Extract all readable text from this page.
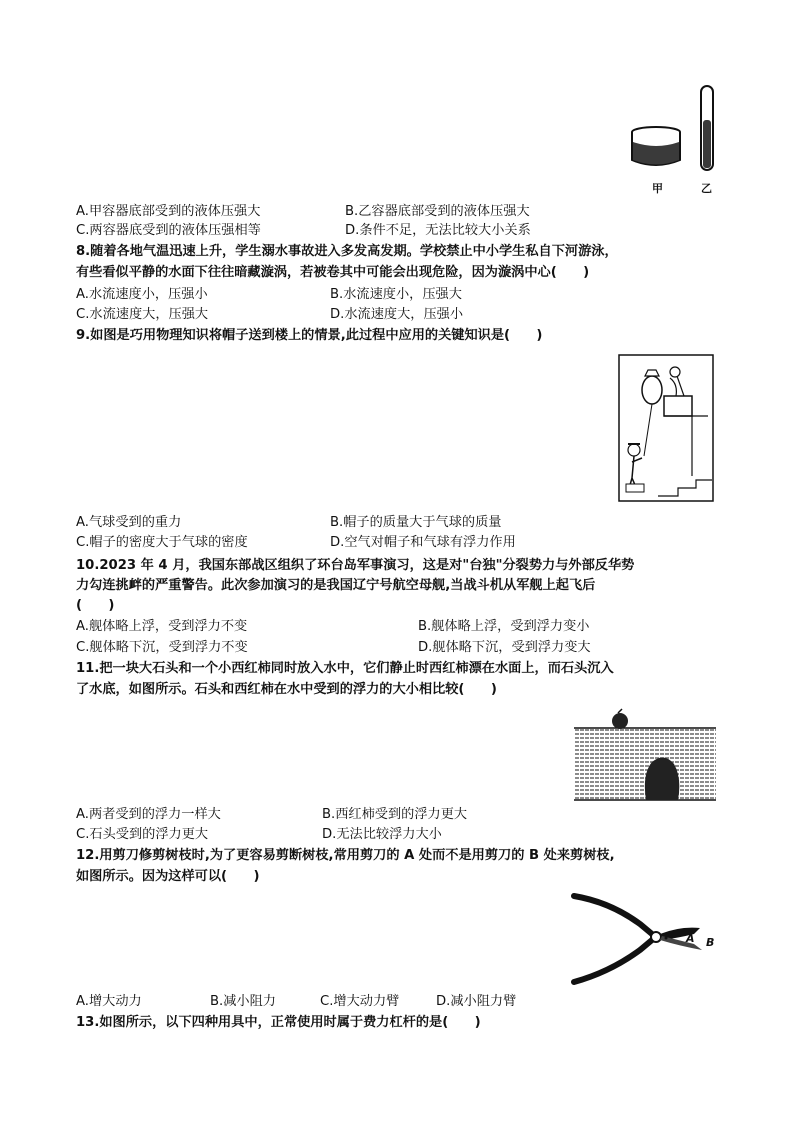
甲	乙
A.甲容器底部受到的液体压强大	B.乙容器底部受到的液体压强大
C.两容器底受到的液体压强相等	D.条件不足，无法比较大小关系
8.随着各地气温迅速上升，学生溺水事故进入多发高发期。学校禁止中小学生私自下河游泳，
有些看似平静的水面下往往暗藏漩涡，若被卷其中可能会出现危险，因为漩涡中心(　　)
A.水流速度小，压强小	B.水流速度小，压强大
C.水流速度大，压强大	D.水流速度大，压强小
9.如图是巧用物理知识将帽子送到楼上的情景,此过程中应用的关键知识是(　　)
A.气球受到的重力	B.帽子的质量大于气球的质量
C.帽子的密度大于气球的密度	D.空气对帽子和气球有浮力作用
10.2023 年 4 月，我国东部战区组织了环台岛军事演习，这是对"台独"分裂势力与外部反华势
力勾连挑衅的严重警告。此次参加演习的是我国辽宁号航空母舰,当战斗机从军舰上起飞后
(　　)
A.舰体略上浮，受到浮力不变	B.舰体略上浮，受到浮力变小
C.舰体略下沉，受到浮力不变	D.舰体略下沉，受到浮力变大
11.把一块大石头和一个小西红柿同时放入水中，它们静止时西红柿漂在水面上，而石头沉入
了水底，如图所示。石头和西红柿在水中受到的浮力的大小相比较(　　)
A.两者受到的浮力一样大	B.西红柿受到的浮力更大
C.石头受到的浮力更大	D.无法比较浮力大小
12.用剪刀修剪树枝时,为了更容易剪断树枝,常用剪刀的 A 处而不是用剪刀的 B 处来剪树枝,
如图所示。因为这样可以(　　)
A B
A.增大动力	B.减小阻力	C.增大动力臂	D.减小阻力臂
13.如图所示，以下四种用具中，正常使用时属于费力杠杆的是(　　)
